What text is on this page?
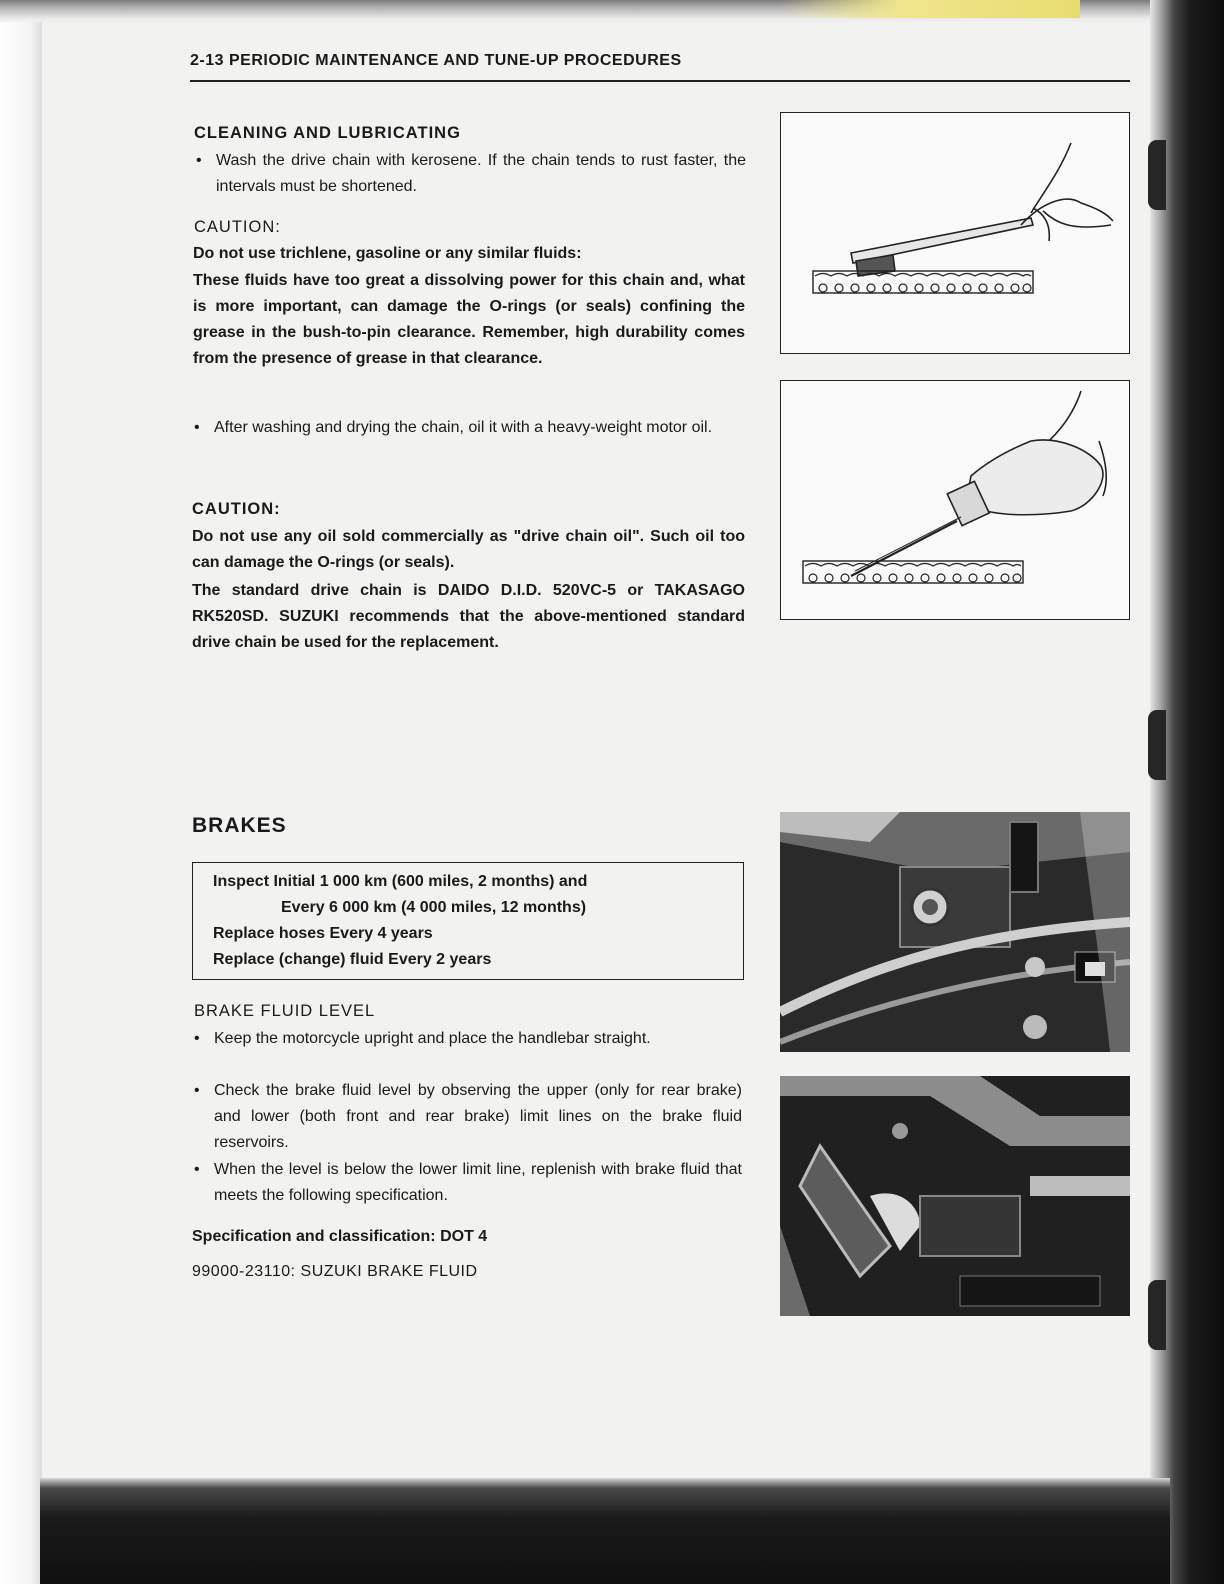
2-13 PERIODIC MAINTENANCE AND TUNE-UP PROCEDURES
CLEANING AND LUBRICATING
• Wash the drive chain with kerosene. If the chain tends to rust faster, the intervals must be shortened.
CAUTION:
Do not use trichlene, gasoline or any similar fluids:
These fluids have too great a dissolving power for this chain and, what is more important, can damage the O-rings (or seals) confining the grease in the bush-to-pin clearance. Remember, high durability comes from the presence of grease in that clearance.
• After washing and drying the chain, oil it with a heavy-weight motor oil.
CAUTION:
Do not use any oil sold commercially as "drive chain oil". Such oil too can damage the O-rings (or seals).
The standard drive chain is DAIDO D.I.D. 520VC-5 or TAKASAGO RK520SD. SUZUKI recommends that the above-mentioned standard drive chain be used for the replacement.
BRAKES
Inspect Initial 1 000 km (600 miles, 2 months) and
Every 6 000 km (4 000 miles, 12 months)
Replace hoses Every 4 years
Replace (change) fluid Every 2 years
BRAKE FLUID LEVEL
• Keep the motorcycle upright and place the handlebar straight.
• Check the brake fluid level by observing the upper (only for rear brake) and lower (both front and rear brake) limit lines on the brake fluid reservoirs.
• When the level is below the lower limit line, replenish with brake fluid that meets the following specification.
Specification and classification: DOT 4
99000-23110: SUZUKI BRAKE FLUID
